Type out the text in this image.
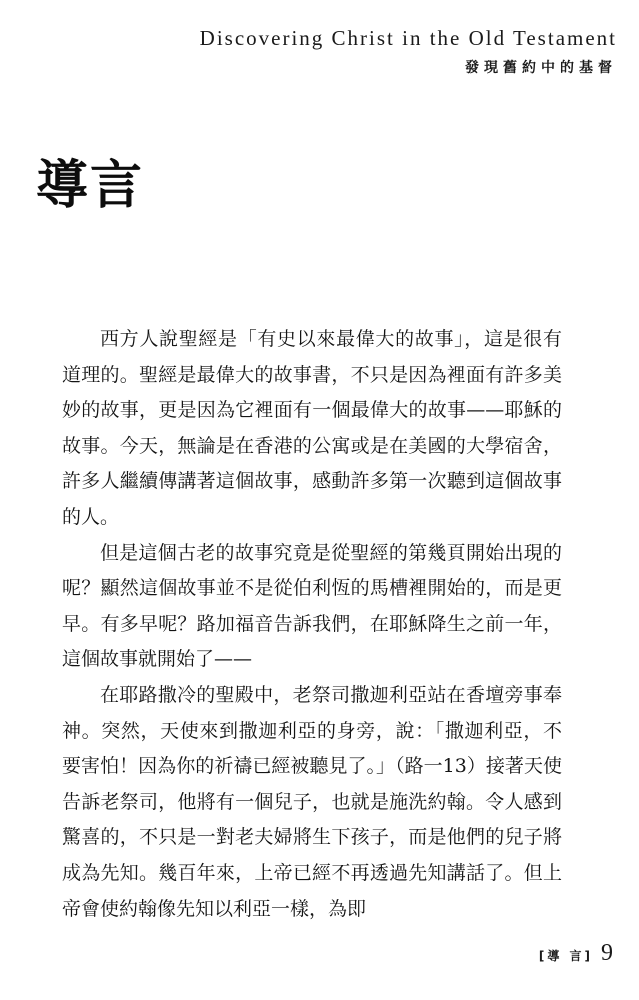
Discovering Christ in the Old Testament
發現舊約中的基督
導言

西方人說聖經是「有史以來最偉大的故事」，這是很有道理的。聖經是最偉大的故事書，不只是因為裡面有許多美妙的故事，更是因為它裡面有一個最偉大的故事——耶穌的故事。今天，無論是在香港的公寓或是在美國的大學宿舍，許多人繼續傳講著這個故事，感動許多第一次聽到這個故事的人。

但是這個古老的故事究竟是從聖經的第幾頁開始出現的呢？顯然這個故事並不是從伯利恆的馬槽裡開始的，而是更早。有多早呢？路加福音告訴我們，在耶穌降生之前一年，這個故事就開始了——

在耶路撒冷的聖殿中，老祭司撒迦利亞站在香壇旁事奉神。突然，天使來到撒迦利亞的身旁，說：「撒迦利亞，不要害怕！因為你的祈禱已經被聽見了。」（路一13）接著天使告訴老祭司，他將有一個兒子，也就是施洗約翰。令人感到驚喜的，不只是一對老夫婦將生下孩子，而是他們的兒子將成為先知。幾百年來，上帝已經不再透過先知講話了。但上帝會使約翰像先知以利亞一樣，為即

[導 言] 9
